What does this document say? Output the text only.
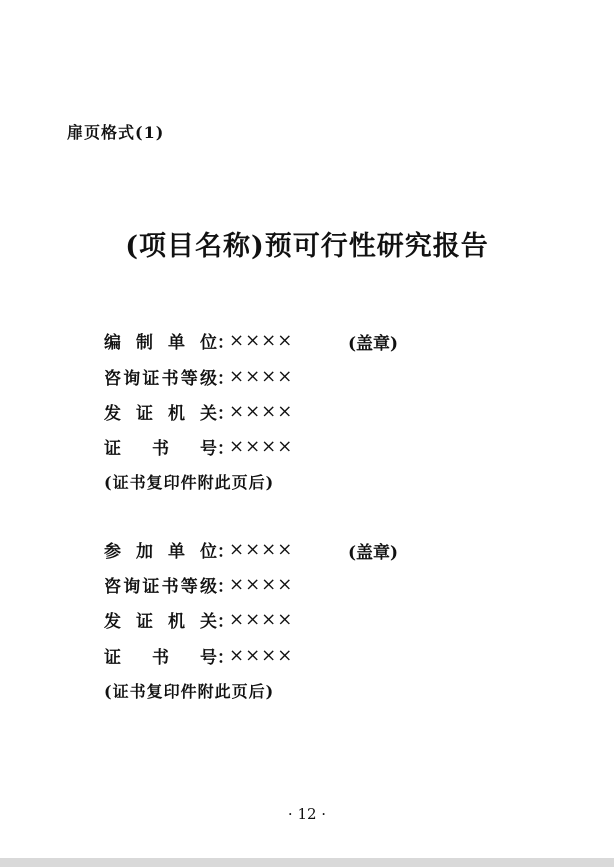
扉页格式(1)
(项目名称)预可行性研究报告
编 制 单 位 ：
××××	(盖章)
咨 询 证 书 等 级 ：
××××
发 证 机 关 ：
××××
证 书 号 ：
××××
(证书复印件附此页后)
参 加 单 位 ：
××××	(盖章)
咨 询 证 书 等 级 ：
××××
发 证 机 关 ：
××××
证 书 号 ：
××××
(证书复印件附此页后)
· 12 ·
